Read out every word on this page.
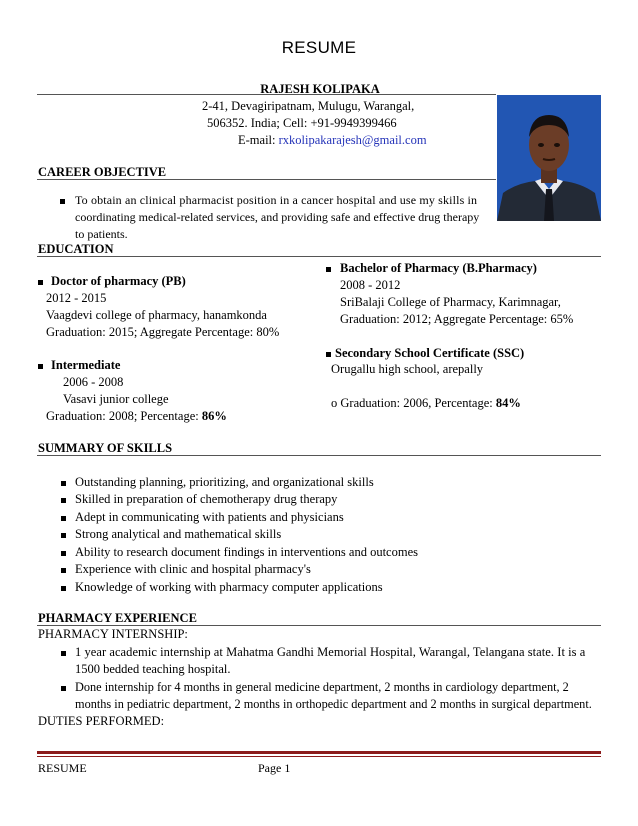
RESUME
RAJESH KOLIPAKA
2-41, Devagiripatnam, Mulugu, Warangal,
506352. India; Cell: +91-9949399466
E-mail: rxkolipakarajesh@gmail.com
CAREER OBJECTIVE
To obtain an clinical pharmacist position in a cancer hospital and use my skills in
coordinating medical-related services, and providing safe and effective drug therapy
to patients.
EDUCATION
Doctor of pharmacy (PB)
2012 - 2015
Vaagdevi college of pharmacy, hanamkonda
Graduation: 2015; Aggregate Percentage: 80%
Bachelor of Pharmacy (B.Pharmacy)
2008 - 2012
SriBalaji College of Pharmacy, Karimnagar,
Graduation: 2012; Aggregate Percentage: 65%
Intermediate
2006 - 2008
Vasavi junior college
Graduation: 2008; Percentage: 86%
Secondary School Certificate (SSC)
Orugallu high school, arepally
o Graduation: 2006, Percentage: 84%
SUMMARY OF SKILLS
Outstanding planning, prioritizing, and organizational skills
Skilled in preparation of chemotherapy drug therapy
Adept in communicating with patients and physicians
Strong analytical and mathematical skills
Ability to research document findings in interventions and outcomes
Experience with clinic and hospital pharmacy's
Knowledge of working with pharmacy computer applications
PHARMACY EXPERIENCE
PHARMACY INTERNSHIP:
1 year academic internship at Mahatma Gandhi Memorial Hospital, Warangal, Telangana state. It is a
1500 bedded teaching hospital.
Done internship for 4 months in general medicine department, 2 months in cardiology department, 2
months in pediatric department, 2 months in orthopedic department and 2 months in surgical department.
DUTIES PERFORMED:
RESUME	Page 1
